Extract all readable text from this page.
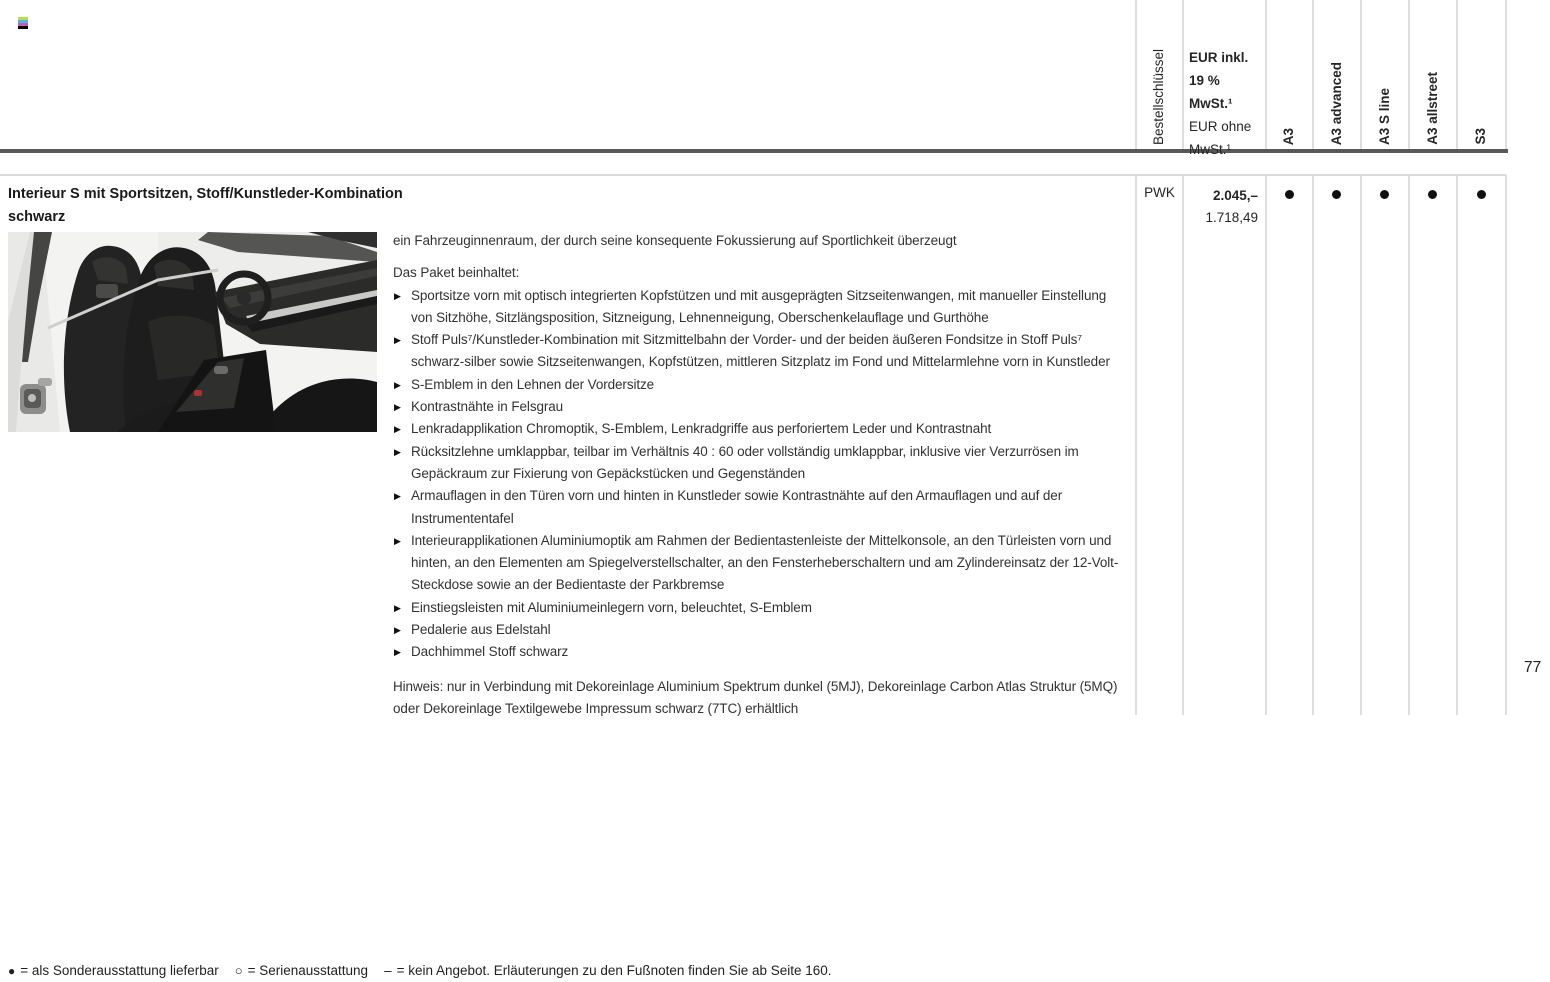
Bestellschlüssel EUR inkl.
19 % MwSt.¹
EUR ohne
MwSt.¹
A3 A3 advanced A3 S line A3 allstreet S3
Interieur S mit Sportsitzen, Stoff/Kunstleder-Kombination
schwarz

ein Fahrzeuginnenraum, der durch seine konsequente Fokussierung auf Sportlichkeit überzeugt

Das Paket beinhaltet:

▶ Sportsitze vorn mit optisch integrierten Kopfstützen und mit ausgeprägten Sitzseitenwangen, mit manueller Einstellung von Sitzhöhe, Sitzlängsposition, Sitzneigung, Lehnenneigung, Oberschenkelauflage und Gurthöhe
▶ Stoff Puls⁷/Kunstleder-Kombination mit Sitzmittelbahn der Vorder- und der beiden äußeren Fondsitze in Stoff Puls⁷ schwarz-silber sowie Sitzseitenwangen, Kopfstützen, mittleren Sitzplatz im Fond und Mittelarmlehne vorn in Kunstleder
▶ S-Emblem in den Lehnen der Vordersitze
▶ Kontrastnähte in Felsgrau
▶ Lenkradapplikation Chromoptik, S-Emblem, Lenkradgriffe aus perforiertem Leder und Kontrastnaht
▶ Rücksitzlehne umklappbar, teilbar im Verhältnis 40 : 60 oder vollständig umklappbar, inklusive vier Verzurrösen im Gepäckraum zur Fixierung von Gepäckstücken und Gegenständen
▶ Armauflagen in den Türen vorn und hinten in Kunstleder sowie Kontrastnähte auf den Armauflagen und auf der Instrumententafel
▶ Interieurapplikationen Aluminiumoptik am Rahmen der Bedientastenleiste der Mittelkonsole, an den Türleisten vorn und hinten, an den Elementen am Spiegelverstellschalter, an den Fensterheberschaltern und am Zylindereinsatz der 12-Volt-Steckdose sowie an der Bedientaste der Parkbremse
▶ Einstiegsleisten mit Aluminiumeinlegern vorn, beleuchtet, S-Emblem
▶ Pedalerie aus Edelstahl
▶ Dachhimmel Stoff schwarz

Hinweis: nur in Verbindung mit Dekoreinlage Aluminium Spektrum dunkel (5MJ), Dekoreinlage Carbon Atlas Struktur (5MQ) oder Dekoreinlage Textilgewebe Impressum schwarz (7TC) erhältlich

PWK	2.045,–
1.718,49
77
● = als Sonderausstattung lieferbar ○ = Serienausstattung – = kein Angebot. Erläuterungen zu den Fußnoten finden Sie ab Seite 160.
